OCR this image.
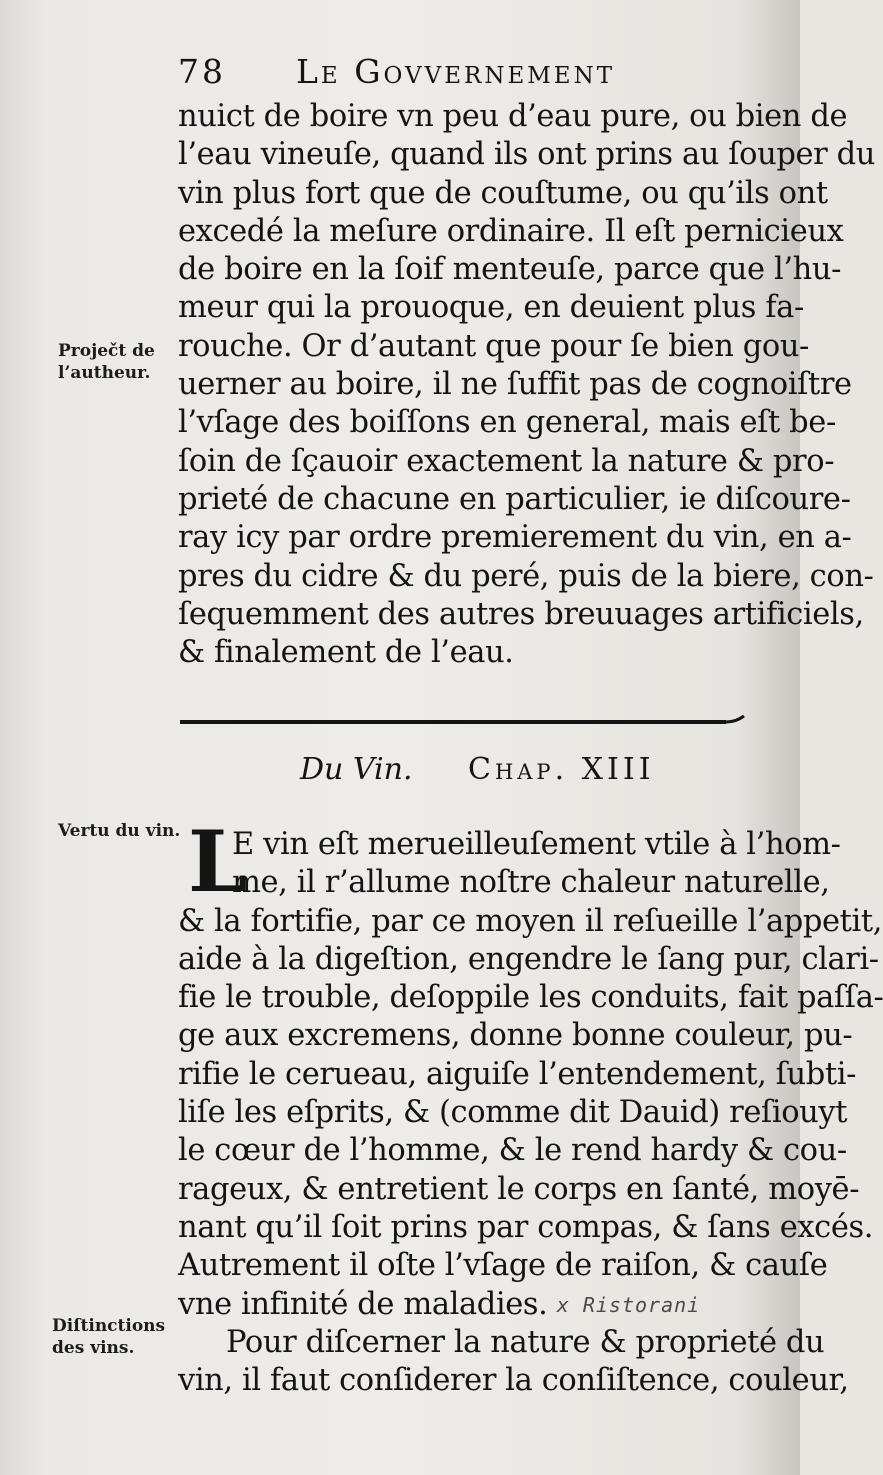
78 Le Govvernement
nuict de boire vn peu d’eau pure, ou bien de
l’eau vineuſe, quand ils ont prins au ſouper du
vin plus fort que de couſtume, ou qu’ils ont
excedé la meſure ordinaire. Il eſt pernicieux
de boire en la ſoif menteuſe, parce que l’hu-
meur qui la prouoque, en deuient plus fa-
rouche. Or d’autant que pour ſe bien gou-
uerner au boire, il ne ſuffit pas de cognoiſtre
l’vſage des boiſſons en general, mais eſt be-
ſoin de ſçauoir exactement la nature & pro-
prieté de chacune en particulier, ie diſcoure-
ray icy par ordre premierement du vin, en a-
pres du cidre & du peré, puis de la biere, con-
ſequemment des autres breuuages artificiels,
& finalement de l’eau.
Proječt de
l’autheur.
Vertu du vin.
Diſtinctions
des vins.
Du Vin. Chap. XIII
L
E vin eſt merueilleuſement vtile à l’hom-
me, il r’allume noſtre chaleur naturelle,
& la fortifie, par ce moyen il reſueille l’appetit,
aide à la digeſtion, engendre le ſang pur, clari-
fie le trouble, deſoppile les conduits, fait paſſa-
ge aux excremens, donne bonne couleur, pu-
rifie le cerueau, aiguiſe l’entendement, ſubti-
liſe les eſprits, & (comme dit Dauid) reſiouyt
le cœur de l’homme, & le rend hardy & cou-
rageux, & entretient le corps en ſanté, moyē-
nant qu’il ſoit prins par compas, & ſans excés.
Autrement il oſte l’vſage de raiſon, & cauſe
vne infinité de maladies. x Ristorani
Pour diſcerner la nature & proprieté du
vin, il faut conſiderer la conſiſtence, couleur,
